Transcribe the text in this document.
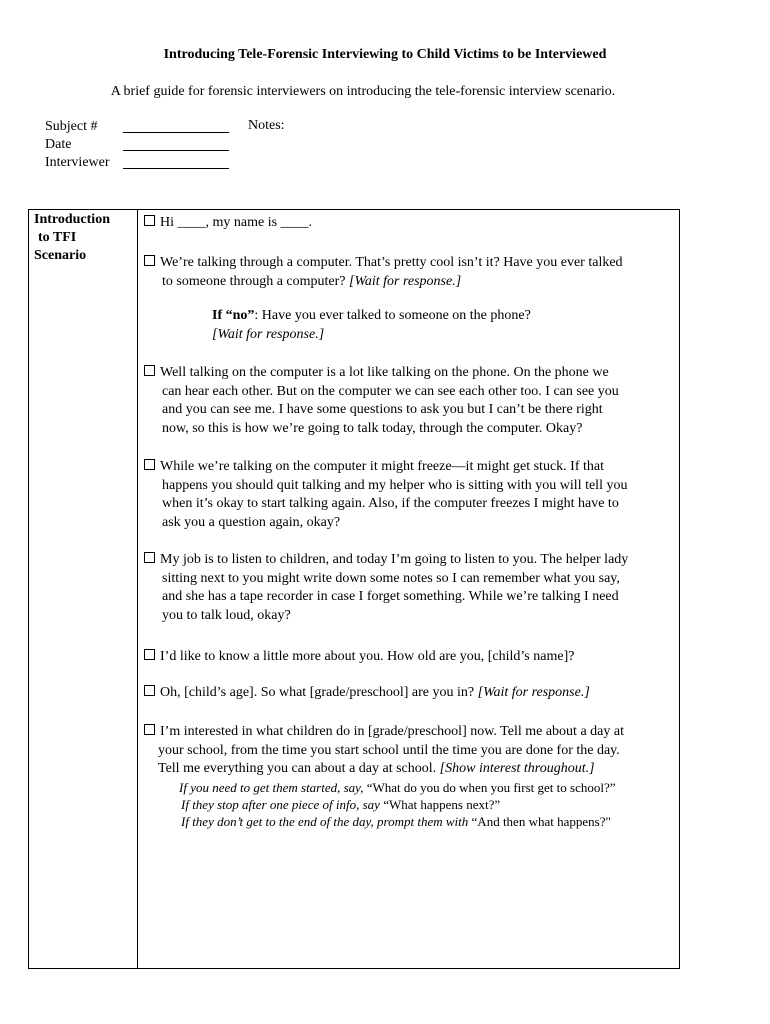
Introducing Tele-Forensic Interviewing to Child Victims to be Interviewed
A brief guide for forensic interviewers on introducing the tele-forensic interview scenario.
Subject #
Date
Interviewer
Notes:
Introduction
to TFI
Scenario
Hi ____, my name is ____.
We’re talking through a computer. That’s pretty cool isn’t it? Have you ever talked
to someone through a computer? [Wait for response.]
If “no”: Have you ever talked to someone on the phone?
[Wait for response.]
Well talking on the computer is a lot like talking on the phone. On the phone we
can hear each other. But on the computer we can see each other too. I can see you
and you can see me. I have some questions to ask you but I can’t be there right
now, so this is how we’re going to talk today, through the computer. Okay?
While we’re talking on the computer it might freeze—it might get stuck. If that
happens you should quit talking and my helper who is sitting with you will tell you
when it’s okay to start talking again. Also, if the computer freezes I might have to
ask you a question again, okay?
My job is to listen to children, and today I’m going to listen to you. The helper lady
sitting next to you might write down some notes so I can remember what you say,
and she has a tape recorder in case I forget something. While we’re talking I need
you to talk loud, okay?
I’d like to know a little more about you. How old are you, [child’s name]?
Oh, [child’s age]. So what [grade/preschool] are you in? [Wait for response.]
I’m interested in what children do in [grade/preschool] now. Tell me about a day at
your school, from the time you start school until the time you are done for the day.
Tell me everything you can about a day at school. [Show interest throughout.]
If you need to get them started, say, “What do you do when you first get to school?”
If they stop after one piece of info, say “What happens next?”
If they don’t get to the end of the day, prompt them with “And then what happens?"
